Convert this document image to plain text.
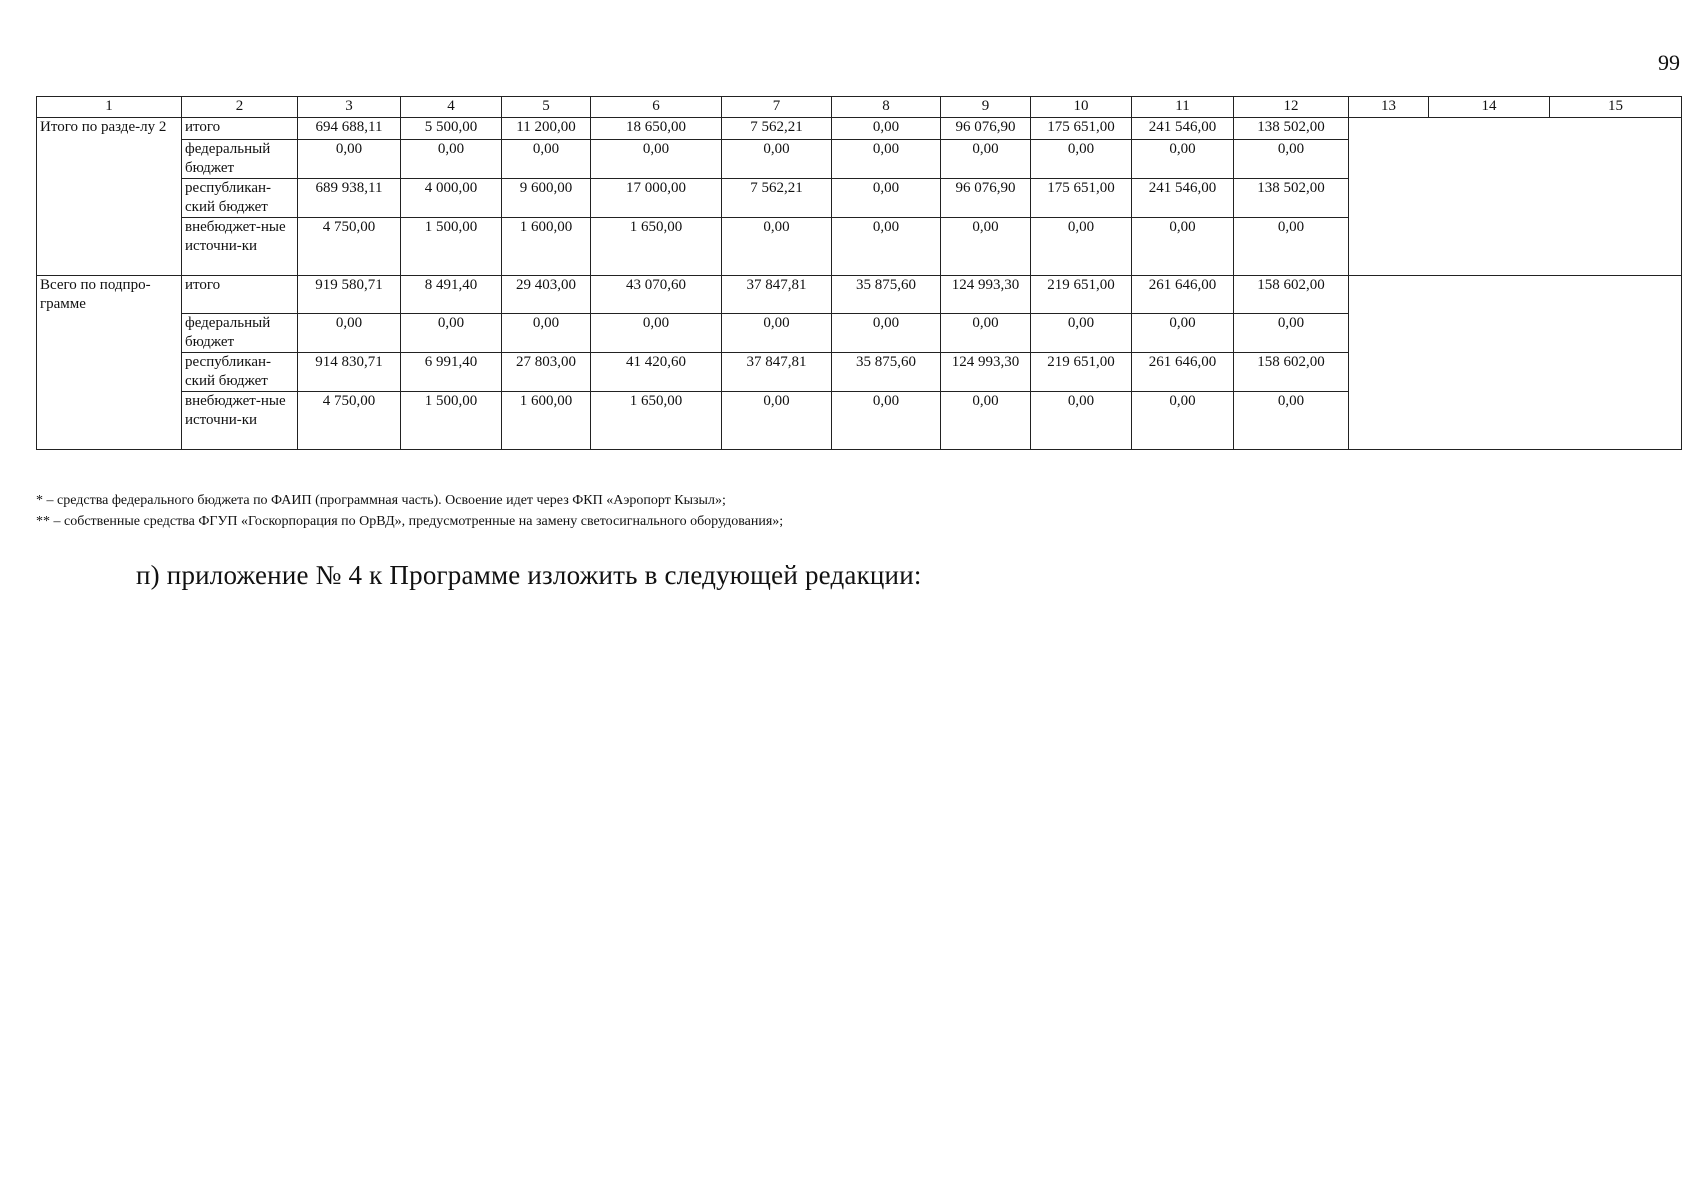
99
1	2	3	4	5	6	7	8	9	10	11	12	13	14	15
Итого по разде-лу 2	итого	694 688,11	5 500,00	11 200,00	18 650,00	7 562,21	0,00	96 076,90	175 651,00	241 546,00	138 502,00			
	федеральный бюджет	0,00	0,00	0,00	0,00	0,00	0,00	0,00	0,00	0,00	0,00			
	республикан-ский бюджет	689 938,11	4 000,00	9 600,00	17 000,00	7 562,21	0,00	96 076,90	175 651,00	241 546,00	138 502,00			
	внебюджет-ные источни-ки	4 750,00	1 500,00	1 600,00	1 650,00	0,00	0,00	0,00	0,00	0,00	0,00			
Всего по подпро-грамме	итого	919 580,71	8 491,40	29 403,00	43 070,60	37 847,81	35 875,60	124 993,30	219 651,00	261 646,00	158 602,00			
	федеральный бюджет	0,00	0,00	0,00	0,00	0,00	0,00	0,00	0,00	0,00	0,00			
	республикан-ский бюджет	914 830,71	6 991,40	27 803,00	41 420,60	37 847,81	35 875,60	124 993,30	219 651,00	261 646,00	158 602,00			
	внебюджет-ные источни-ки	4 750,00	1 500,00	1 600,00	1 650,00	0,00	0,00	0,00	0,00	0,00	0,00			

* – средства федерального бюджета по ФАИП (программная часть). Освоение идет через ФКП «Аэропорт Кызыл»;

** – собственные средства ФГУП «Госкорпорация по ОрВД», предусмотренные на замену светосигнального оборудования»;

п) приложение № 4 к Программе изложить в следующей редакции:
